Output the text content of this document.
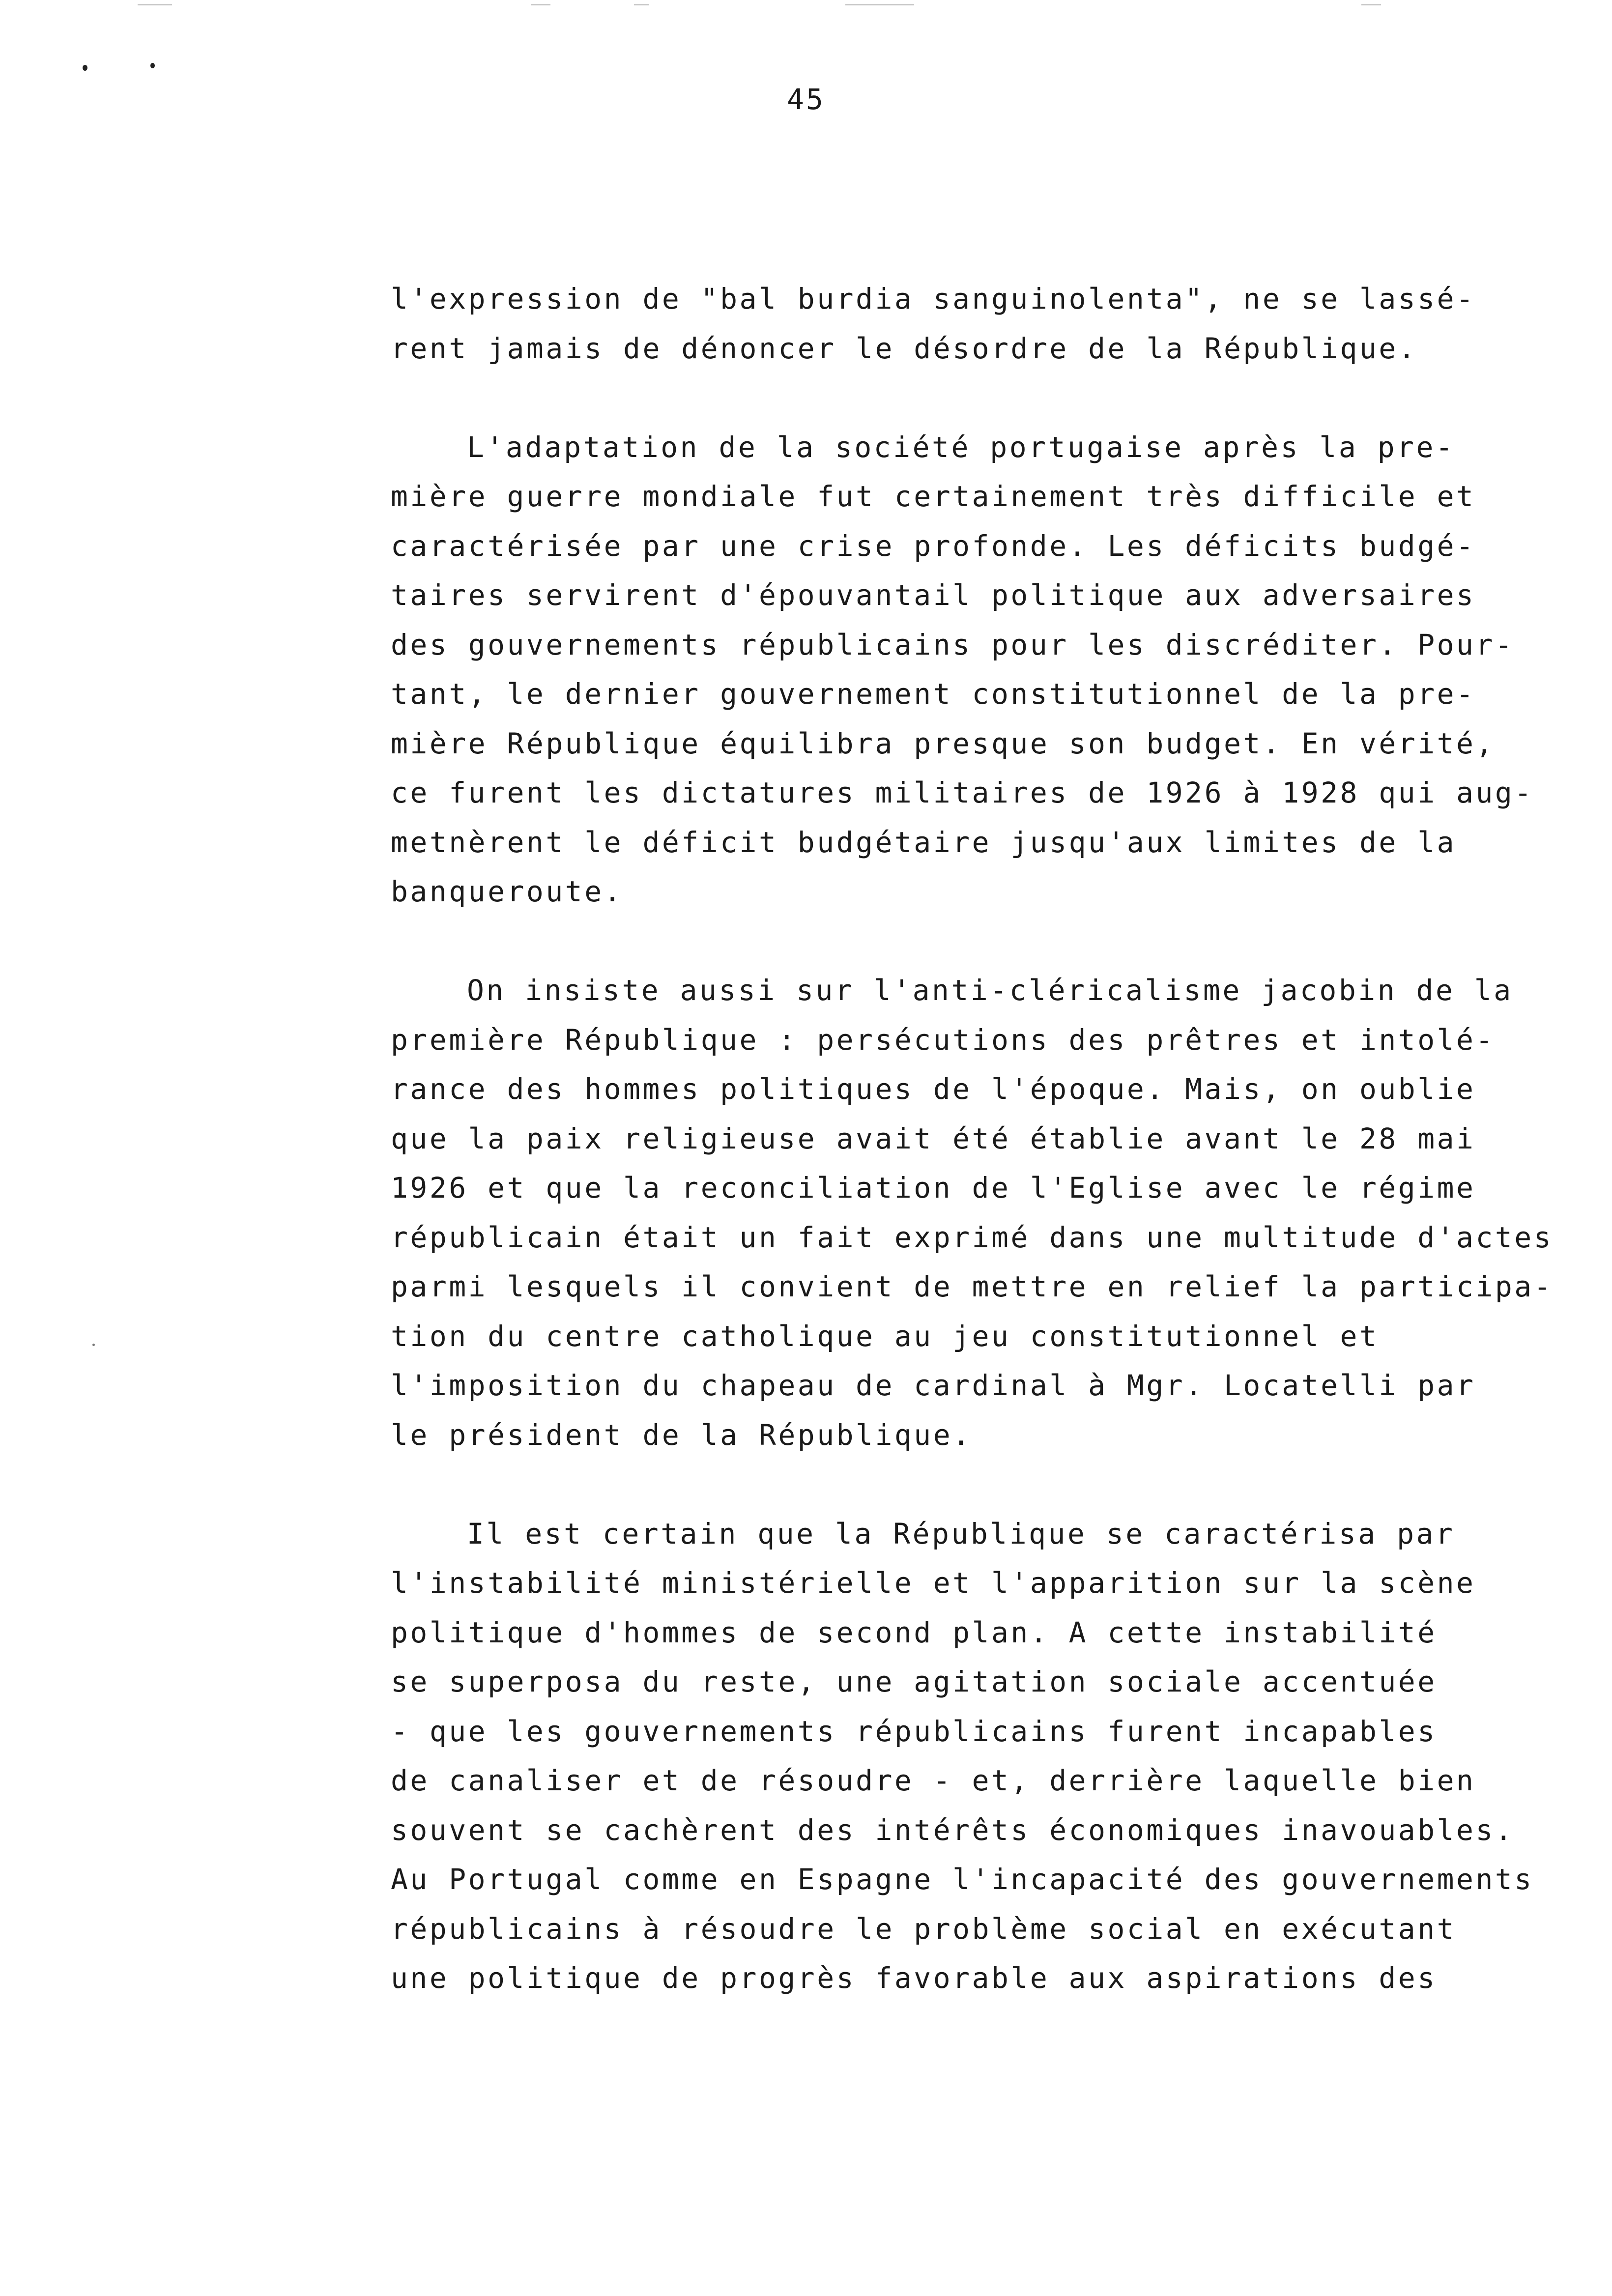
45
l'expression de "bal burdia sanguinolenta", ne se lassé-
rent jamais de dénoncer le désordre de la République.
L'adaptation de la société portugaise après la pre-
mière guerre mondiale fut certainement très difficile et
caractérisée par une crise profonde. Les déficits budgé-
taires servirent d'épouvantail politique aux adversaires
des gouvernements républicains pour les discréditer. Pour-
tant, le dernier gouvernement constitutionnel de la pre-
mière République équilibra presque son budget. En vérité,
ce furent les dictatures militaires de 1926 à 1928 qui aug-
metnèrent le déficit budgétaire jusqu'aux limites de la
banqueroute.
On insiste aussi sur l'anti-cléricalisme jacobin de la
première République : persécutions des prêtres et intolé-
rance des hommes politiques de l'époque. Mais, on oublie
que la paix religieuse avait été établie avant le 28 mai
1926 et que la reconciliation de l'Eglise avec le régime
républicain était un fait exprimé dans une multitude d'actes
parmi lesquels il convient de mettre en relief la participa-
tion du centre catholique au jeu constitutionnel et
l'imposition du chapeau de cardinal à Mgr. Locatelli par
le président de la République.
Il est certain que la République se caractérisa par
l'instabilité ministérielle et l'apparition sur la scène
politique d'hommes de second plan. A cette instabilité
se superposa du reste, une agitation sociale accentuée
- que les gouvernements républicains furent incapables
de canaliser et de résoudre - et, derrière laquelle bien
souvent se cachèrent des intérêts économiques inavouables.
Au Portugal comme en Espagne l'incapacité des gouvernements
républicains à résoudre le problème social en exécutant
une politique de progrès favorable aux aspirations des
